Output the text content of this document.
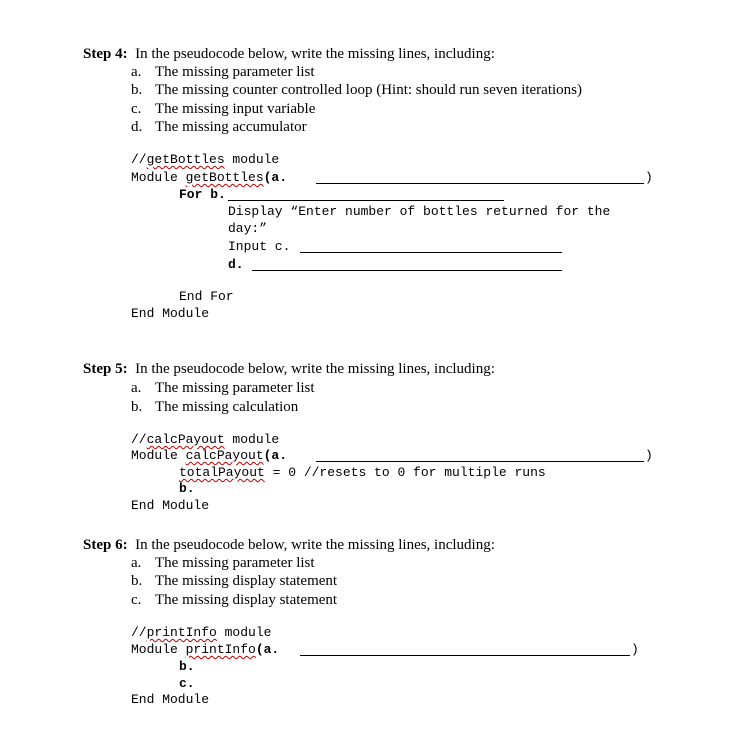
Step 4: In the pseudocode below, write the missing lines, including:
a. The missing parameter list
b. The missing counter controlled loop (Hint: should run seven iterations)
c. The missing input variable
d. The missing accumulator
//getBottles module
Module getBottles(a.	)
For b.
Display “Enter number of bottles returned for the
day:”
Input c.
d.
End For
End Module
Step 5: In the pseudocode below, write the missing lines, including:
a. The missing parameter list
b. The missing calculation
//calcPayout module
Module calcPayout(a.	)
totalPayout = 0 //resets to 0 for multiple runs
b.
End Module
Step 6: In the pseudocode below, write the missing lines, including:
a. The missing parameter list
b. The missing display statement
c. The missing display statement
//printInfo module
Module printInfo(a.	)
b.
c.
End Module
